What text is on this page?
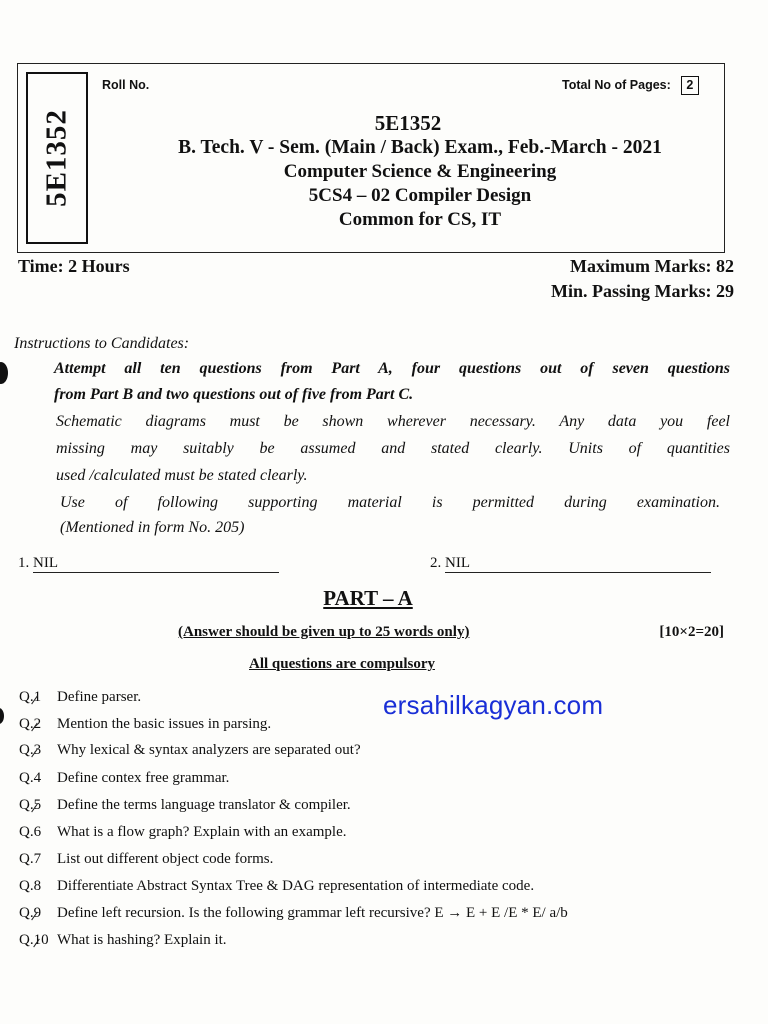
5E1352
Roll No.	Total No of Pages: 2
5E1352
B. Tech. V - Sem. (Main / Back) Exam., Feb.-March - 2021
Computer Science & Engineering
5CS4 – 02 Compiler Design
Common for CS, IT
Time: 2 Hours	Maximum Marks: 82
Min. Passing Marks: 29
Instructions to Candidates:
Attempt all ten questions from Part A, four questions out of seven questions
from Part B and two questions out of five from Part C.
Schematic diagrams must be shown wherever necessary. Any data you feel
missing may suitably be assumed and stated clearly. Units of quantities
used /calculated must be stated clearly.
Use of following supporting material is permitted during examination.
(Mentioned in form No. 205)
1. NIL	2. NIL
PART – A
(Answer should be given up to 25 words only)	[10×2=20]
All questions are compulsory
ersahilkagyan.com
Q.1 Define parser.
Q.2 Mention the basic issues in parsing.
Q.3 Why lexical & syntax analyzers are separated out?
Q.4 Define contex free grammar.
Q.5 Define the terms language translator & compiler.
Q.6 What is a flow graph? Explain with an example.
Q.7 List out different object code forms.
Q.8 Differentiate Abstract Syntax Tree & DAG representation of intermediate code.
Q.9 Define left recursion. Is the following grammar left recursive? E → E + E /E * E/ a/b
Q.10 What is hashing? Explain it.
